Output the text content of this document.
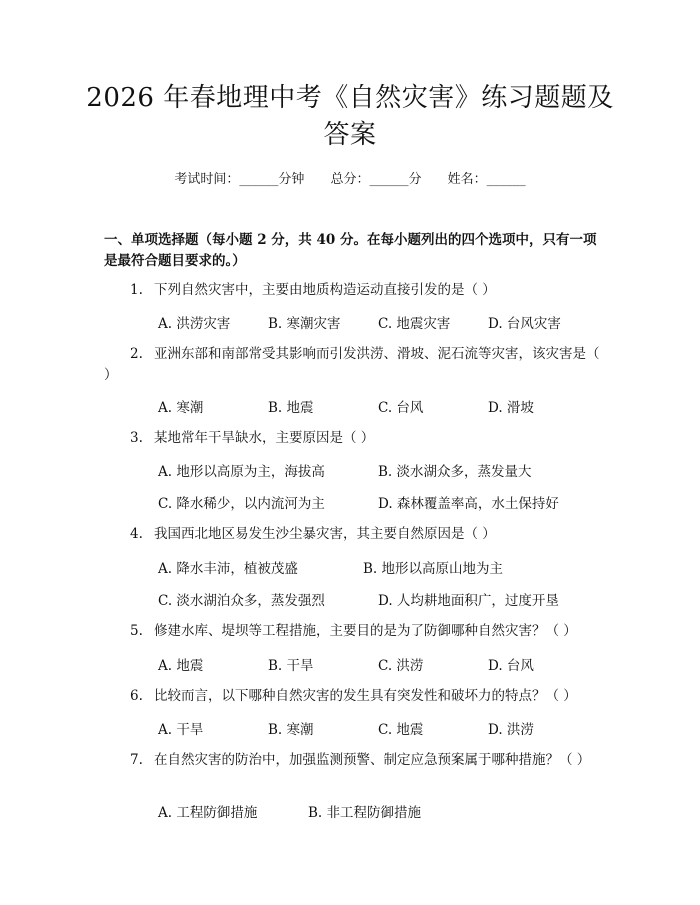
2026 年春地理中考《自然灾害》练习题题及答案
考试时间：______分钟 总分：______分 姓名：______
一、单项选择题（每小题 2 分，共 40 分。在每小题列出的四个选项中，只有一项是最符合题目要求的。）
1. 下列自然灾害中，主要由地质构造运动直接引发的是（ ）
A. 洪涝灾害	B. 寒潮灾害	C. 地震灾害	D. 台风灾害
2. 亚洲东部和南部常受其影响而引发洪涝、滑坡、泥石流等灾害，该灾害是（ ）
A. 寒潮	B. 地震	C. 台风	D. 滑坡
3. 某地常年干旱缺水，主要原因是（ ）
A. 地形以高原为主，海拔高	B. 淡水湖众多，蒸发量大
C. 降水稀少，以内流河为主	D. 森林覆盖率高，水土保持好
4. 我国西北地区易发生沙尘暴灾害，其主要自然原因是（ ）
A. 降水丰沛，植被茂盛	B. 地形以高原山地为主
C. 淡水湖泊众多，蒸发强烈	D. 人均耕地面积广，过度开垦
5. 修建水库、堤坝等工程措施，主要目的是为了防御哪种自然灾害？（ ）
A. 地震	B. 干旱	C. 洪涝	D. 台风
6. 比较而言，以下哪种自然灾害的发生具有突发性和破坏力的特点？（ ）
A. 干旱	B. 寒潮	C. 地震	D. 洪涝
7. 在自然灾害的防治中，加强监测预警、制定应急预案属于哪种措施？（ ）
A. 工程防御措施	B. 非工程防御措施
